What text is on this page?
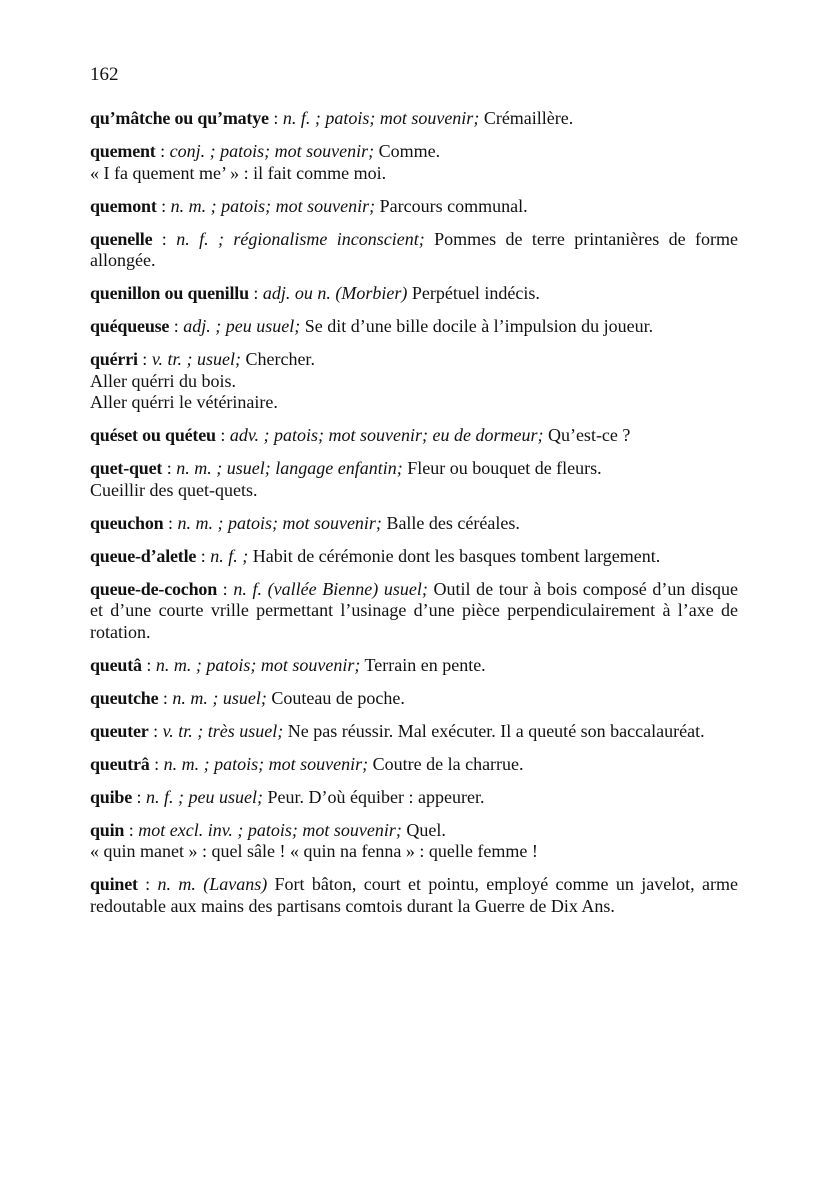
162
qu’mâtche ou qu’matye : n. f. ; patois; mot souvenir; Crémaillère.
quement : conj. ; patois; mot souvenir; Comme.
« I fa quement me’ » : il fait comme moi.
quemont : n. m. ; patois; mot souvenir; Parcours communal.
quenelle : n. f. ; régionalisme inconscient; Pommes de terre printanières de forme allongée.
quenillon ou quenillu : adj. ou n. (Morbier) Perpétuel indécis.
quéqueuse : adj. ; peu usuel; Se dit d’une bille docile à l’impulsion du joueur.
quérri : v. tr. ; usuel; Chercher.
Aller quérri du bois.
Aller quérri le vétérinaire.
quéset ou quéteu : adv. ; patois; mot souvenir; eu de dormeur; Qu’est-ce ?
quet-quet : n. m. ; usuel; langage enfantin; Fleur ou bouquet de fleurs.
Cueillir des quet-quets.
queuchon : n. m. ; patois; mot souvenir; Balle des céréales.
queue-d’aletle : n. f. ; Habit de cérémonie dont les basques tombent largement.
queue-de-cochon : n. f. (vallée Bienne) usuel; Outil de tour à bois composé d’un disque et d’une courte vrille permettant l’usinage d’une pièce perpendiculairement à l’axe de rotation.
queutâ : n. m. ; patois; mot souvenir; Terrain en pente.
queutche : n. m. ; usuel; Couteau de poche.
queuter : v. tr. ; très usuel; Ne pas réussir. Mal exécuter. Il a queuté son baccalauréat.
queutrâ : n. m. ; patois; mot souvenir; Coutre de la charrue.
quibe : n. f. ; peu usuel; Peur. D’où équiber : appeurer.
quin : mot excl. inv. ; patois; mot souvenir; Quel.
« quin manet » : quel sâle ! « quin na fenna » : quelle femme !
quinet : n. m. (Lavans) Fort bâton, court et pointu, employé comme un javelot, arme redoutable aux mains des partisans comtois durant la Guerre de Dix Ans.
